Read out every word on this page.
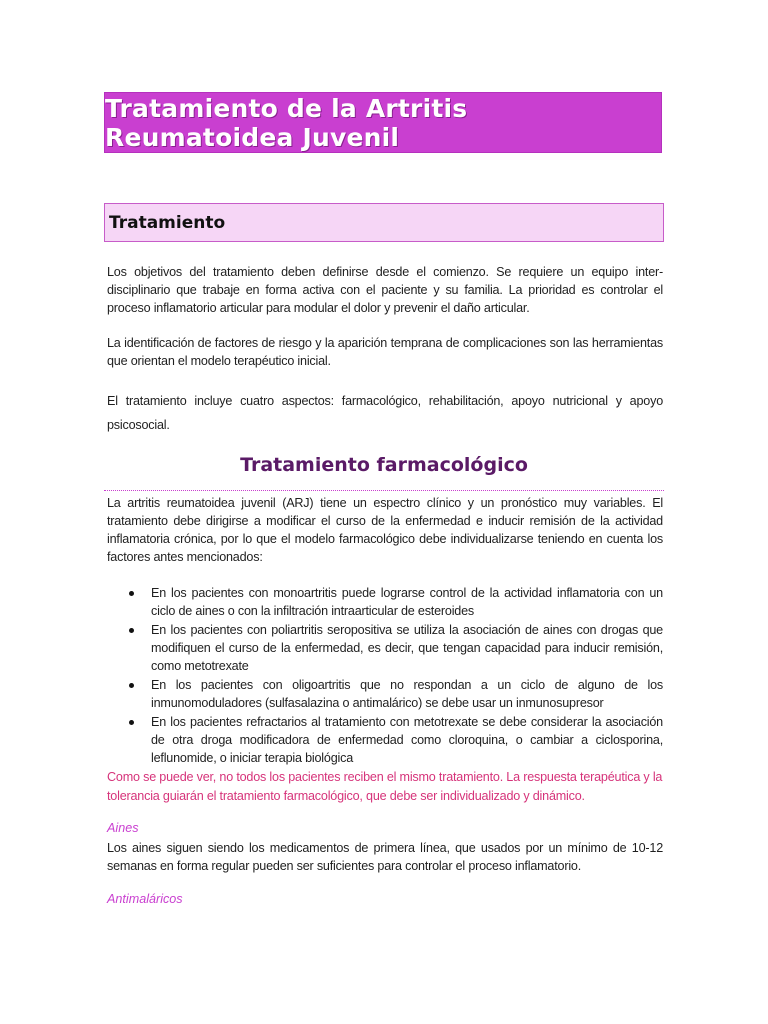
Tratamiento de la Artritis Reumatoidea Juvenil
Tratamiento
Los objetivos del tratamiento deben definirse desde el comienzo. Se requiere un equipo inter-disciplinario que trabaje en forma activa con el paciente y su familia. La prioridad es controlar el proceso inflamatorio articular para modular el dolor y prevenir el daño articular.
La identificación de factores de riesgo y la aparición temprana de complicaciones son las herramientas que orientan el modelo terapéutico inicial.
El tratamiento incluye cuatro aspectos: farmacológico, rehabilitación, apoyo nutricional y apoyo psicosocial.
Tratamiento farmacológico
La artritis reumatoidea juvenil (ARJ) tiene un espectro clínico y un pronóstico muy variables. El tratamiento debe dirigirse a modificar el curso de la enfermedad e inducir remisión de la actividad inflamatoria crónica, por lo que el modelo farmacológico debe individualizarse teniendo en cuenta los factores antes mencionados:
En los pacientes con monoartritis puede lograrse control de la actividad inflamatoria con un ciclo de aines o con la infiltración intraarticular de esteroides
En los pacientes con poliartritis seropositiva se utiliza la asociación de aines con drogas que modifiquen el curso de la enfermedad, es decir, que tengan capacidad para inducir remisión, como metotrexate
En los pacientes con oligoartritis que no respondan a un ciclo de alguno de los inmunomoduladores (sulfasalazina o antimalárico) se debe usar un inmunosupresor
En los pacientes refractarios al tratamiento con metotrexate se debe considerar la asociación de otra droga modificadora de enfermedad como cloroquina, o cambiar a ciclosporina, leflunomide, o iniciar terapia biológica
Como se puede ver, no todos los pacientes reciben el mismo tratamiento. La respuesta terapéutica y la tolerancia guiarán el tratamiento farmacológico, que debe ser individualizado y dinámico.
Aines
Los aines siguen siendo los medicamentos de primera línea, que usados por un mínimo de 10-12 semanas en forma regular pueden ser suficientes para controlar el proceso inflamatorio.
Antimaláricos
